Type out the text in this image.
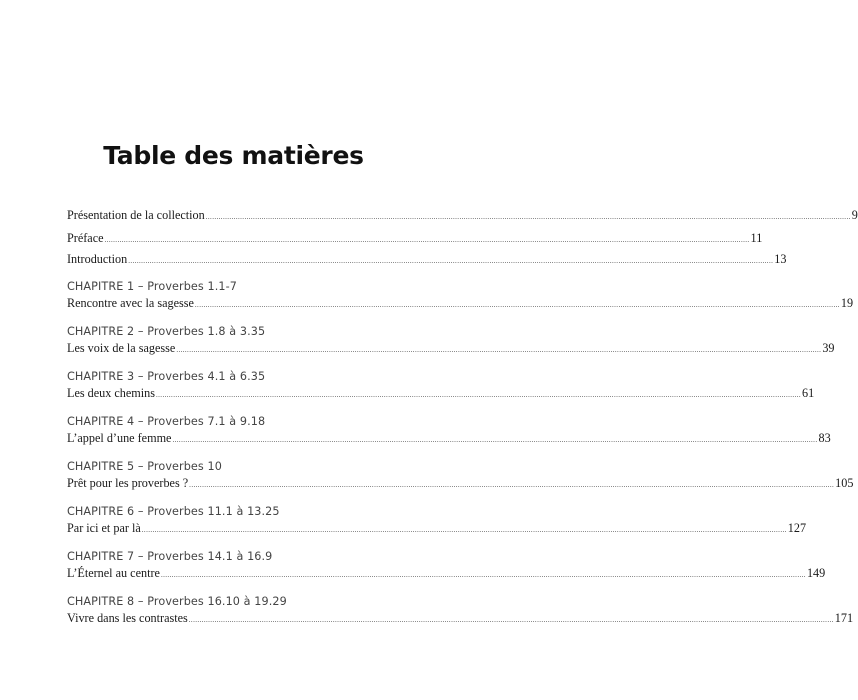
Table des matières
Présentation de la collection ............................................................................................................................................................................................................................................................................................................ 9
Préface ............................................................................................................................................................................................................................................................................................................ 11
Introduction ............................................................................................................................................................................................................................................................................................................ 13
CHAPITRE 1 – Proverbes 1.1-7
Rencontre avec la sagesse ............................................................................................................................................................................................................................................................................................................ 19
CHAPITRE 2 – Proverbes 1.8 à 3.35
Les voix de la sagesse ............................................................................................................................................................................................................................................................................................................ 39
CHAPITRE 3 – Proverbes 4.1 à 6.35
Les deux chemins ............................................................................................................................................................................................................................................................................................................ 61
CHAPITRE 4 – Proverbes 7.1 à 9.18
L’appel d’une femme ............................................................................................................................................................................................................................................................................................................ 83
CHAPITRE 5 – Proverbes 10
Prêt pour les proverbes ? ............................................................................................................................................................................................................................................................................................................ 105
CHAPITRE 6 – Proverbes 11.1 à 13.25
Par ici et par là ............................................................................................................................................................................................................................................................................................................ 127
CHAPITRE 7 – Proverbes 14.1 à 16.9
L’Éternel au centre ............................................................................................................................................................................................................................................................................................................ 149
CHAPITRE 8 – Proverbes 16.10 à 19.29
Vivre dans les contrastes ............................................................................................................................................................................................................................................................................................................ 171
